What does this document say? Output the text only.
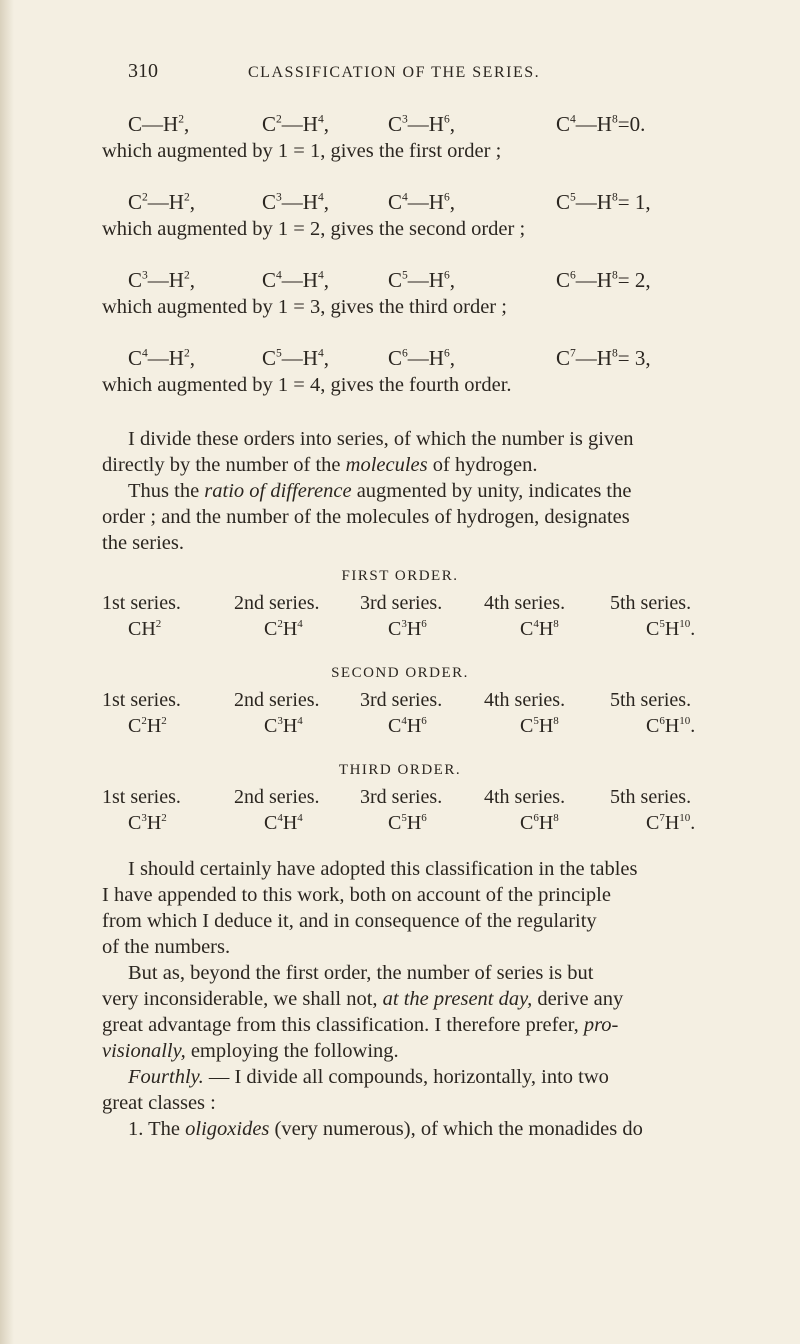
310	CLASSIFICATION OF THE SERIES.
$C—H^2$,	$C^2—H^4$,	$C^3—H^6$,	$C^4—H^8=0$.
which augmented by 1 = 1, gives the first order ;
$C^2—H^2$,	$C^3—H^4$,	$C^4—H^6$,	$C^5—H^8= 1$,
which augmented by 1 = 2, gives the second order ;
$C^3—H^2$,	$C^4—H^4$,	$C^5—H^6$,	$C^6—H^8= 2$,
which augmented by 1 = 3, gives the third order ;
$C^4—H^2$,	$C^5—H^4$,	$C^6—H^6$,	$C^7—H^8= 3$,
which augmented by 1 = 4, gives the fourth order.
I divide these orders into series, of which the number is given
directly by the number of the molecules of hydrogen.
Thus the ratio of difference augmented by unity, indicates the
order ; and the number of the molecules of hydrogen, designates
the series.
FIRST ORDER.
1st series.	2nd series. 3rd series. 4th series. 5th series.
$CH^2$	$C^2H^4$	$C^3H^6$	$C^4H^8$	$C^5H^{10}$.
SECOND ORDER.
1st series.	2nd series. 3rd series. 4th series. 5th series.
$C^2H^2$	$C^3H^4$	$C^4H^6$	$C^5H^8$	$C^6H^{10}$.
THIRD ORDER.
1st series.	2nd series. 3rd series. 4th series. 5th series.
$C^3H^2$	$C^4H^4$	$C^5H^6$	$C^6H^8$	$C^7H^{10}$.
I should certainly have adopted this classification in the tables
I have appended to this work, both on account of the principle
from which I deduce it, and in consequence of the regularity
of the numbers.
But as, beyond the first order, the number of series is but
very inconsiderable, we shall not, at the present day, derive any
great advantage from this classification. I therefore prefer, pro-
visionally, employing the following.
Fourthly. — I divide all compounds, horizontally, into two
great classes :
1. The oligoxides (very numerous), of which the monadides do
